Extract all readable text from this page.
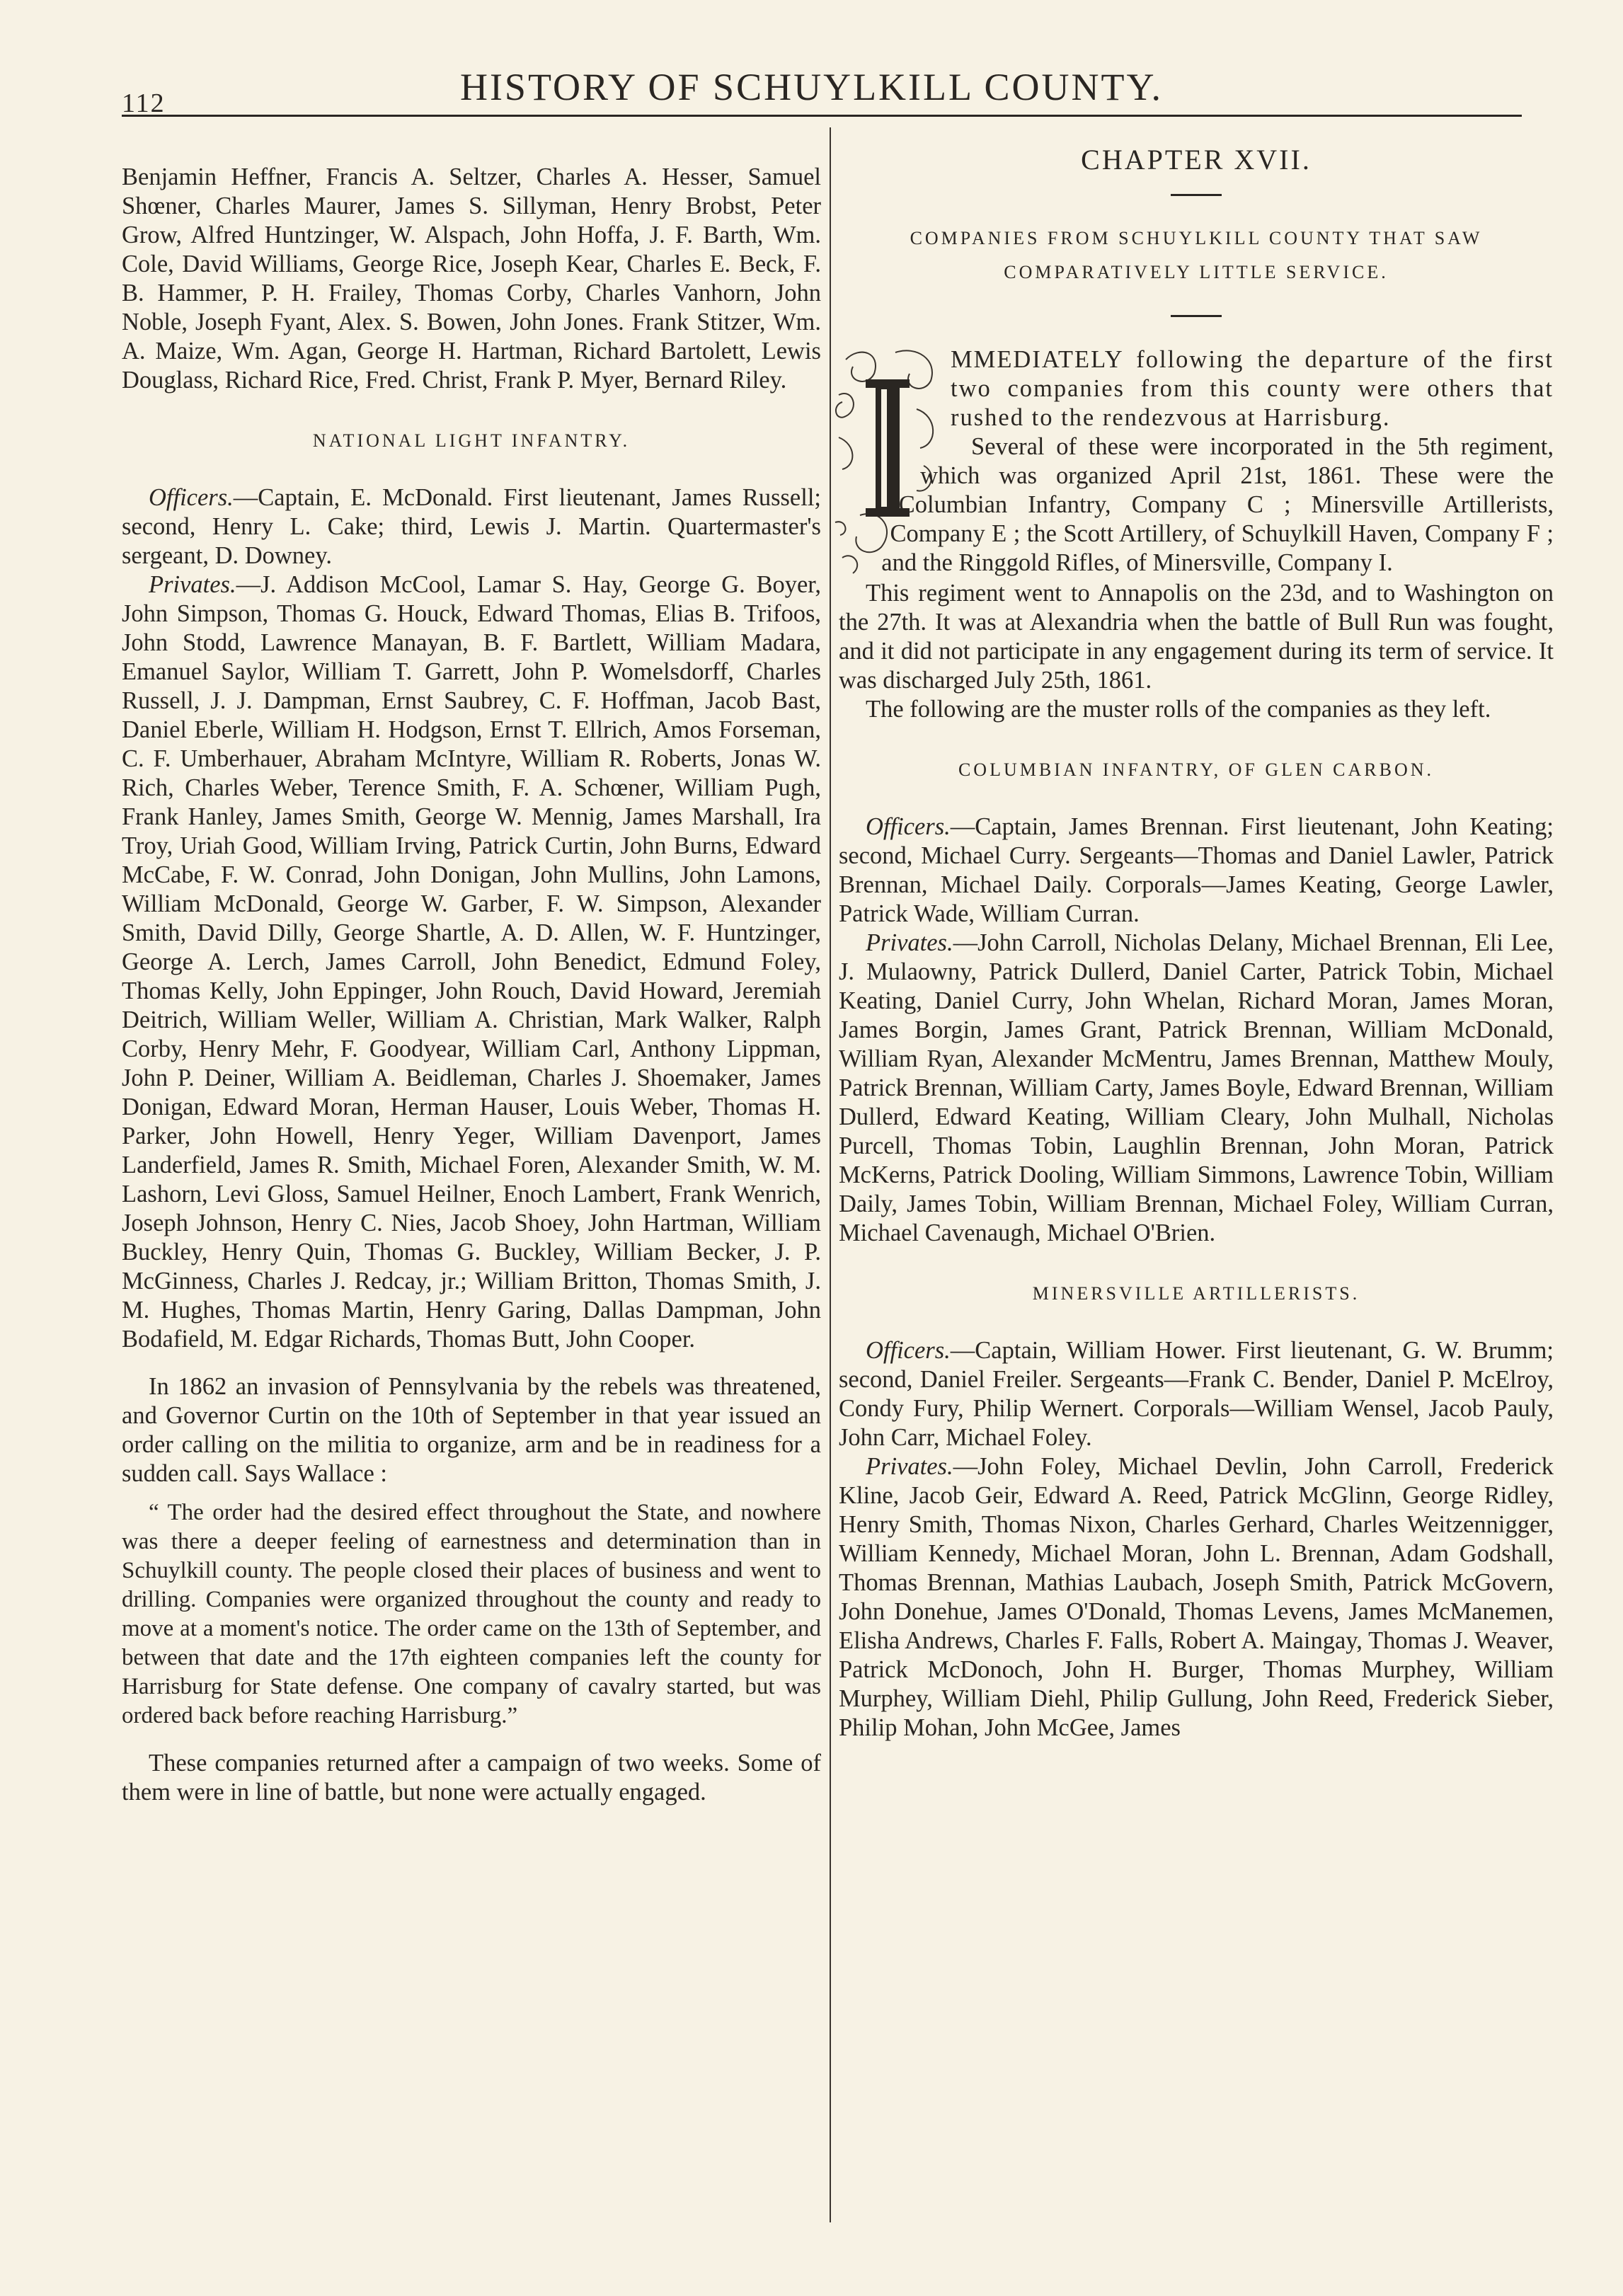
112	HISTORY OF SCHUYLKILL COUNTY.

Benjamin Heffner, Francis A. Seltzer, Charles A. Hesser, Samuel Shœner, Charles Maurer, James S. Sillyman, Henry Brobst, Peter Grow, Alfred Huntzinger, W. Alspach, John Hoffa, J. F. Barth, Wm. Cole, David Williams, George Rice, Joseph Kear, Charles E. Beck, F. B. Hammer, P. H. Frailey, Thomas Corby, Charles Vanhorn, John Noble, Joseph Fyant, Alex. S. Bowen, John Jones. Frank Stitzer, Wm. A. Maize, Wm. Agan, George H. Hartman, Richard Bartolett, Lewis Douglass, Richard Rice, Fred. Christ, Frank P. Myer, Bernard Riley.

NATIONAL LIGHT INFANTRY.

Officers.—Captain, E. McDonald. First lieutenant, James Russell; second, Henry L. Cake; third, Lewis J. Martin. Quartermaster's sergeant, D. Downey.

Privates.—J. Addison McCool, Lamar S. Hay, George G. Boyer, John Simpson, Thomas G. Houck, Edward Thomas, Elias B. Trifoos, John Stodd, Lawrence Manayan, B. F. Bartlett, William Madara, Emanuel Saylor, William T. Garrett, John P. Womelsdorff, Charles Russell, J. J. Dampman, Ernst Saubrey, C. F. Hoffman, Jacob Bast, Daniel Eberle, William H. Hodgson, Ernst T. Ellrich, Amos Forseman, C. F. Umberhauer, Abraham McIntyre, William R. Roberts, Jonas W. Rich, Charles Weber, Terence Smith, F. A. Schœner, William Pugh, Frank Hanley, James Smith, George W. Mennig, James Marshall, Ira Troy, Uriah Good, William Irving, Patrick Curtin, John Burns, Edward McCabe, F. W. Conrad, John Donigan, John Mullins, John Lamons, William McDonald, George W. Garber, F. W. Simpson, Alexander Smith, David Dilly, George Shartle, A. D. Allen, W. F. Huntzinger, George A. Lerch, James Carroll, John Benedict, Edmund Foley, Thomas Kelly, John Eppinger, John Rouch, David Howard, Jeremiah Deitrich, William Weller, William A. Christian, Mark Walker, Ralph Corby, Henry Mehr, F. Goodyear, William Carl, Anthony Lippman, John P. Deiner, William A. Beidleman, Charles J. Shoemaker, James Donigan, Edward Moran, Herman Hauser, Louis Weber, Thomas H. Parker, John Howell, Henry Yeger, William Davenport, James Landerfield, James R. Smith, Michael Foren, Alexander Smith, W. M. Lashorn, Levi Gloss, Samuel Heilner, Enoch Lambert, Frank Wenrich, Joseph Johnson, Henry C. Nies, Jacob Shoey, John Hartman, William Buckley, Henry Quin, Thomas G. Buckley, William Becker, J. P. McGinness, Charles J. Redcay, jr.; William Britton, Thomas Smith, J. M. Hughes, Thomas Martin, Henry Garing, Dallas Dampman, John Bodafield, M. Edgar Richards, Thomas Butt, John Cooper.

In 1862 an invasion of Pennsylvania by the rebels was threatened, and Governor Curtin on the 10th of September in that year issued an order calling on the militia to organize, arm and be in readiness for a sudden call. Says Wallace :

“ The order had the desired effect throughout the State, and nowhere was there a deeper feeling of earnestness and determination than in Schuylkill county. The people closed their places of business and went to drilling. Companies were organized throughout the county and ready to move at a moment's notice. The order came on the 13th of September, and between that date and the 17th eighteen companies left the county for Harrisburg for State defense. One company of cavalry started, but was ordered back before reaching Harrisburg.”

These companies returned after a campaign of two weeks. Some of them were in line of battle, but none were actually engaged.

CHAPTER XVII.

COMPANIES FROM SCHUYLKILL COUNTY THAT SAW COMPARATIVELY LITTLE SERVICE.

MMEDIATELY following the departure of the first two companies from this county were others that rushed to the rendezvous at Harrisburg.

Several of these were incorporated in the 5th regiment, which was organized April 21st, 1861. These were the Columbian Infantry, Company C ; Minersville Artillerists, Company E ; the Scott Artillery, of Schuylkill Haven, Company F ; and the Ringgold Rifles, of Minersville, Company I.

This regiment went to Annapolis on the 23d, and to Washington on the 27th. It was at Alexandria when the battle of Bull Run was fought, and it did not participate in any engagement during its term of service. It was discharged July 25th, 1861.

The following are the muster rolls of the companies as they left.

COLUMBIAN INFANTRY, OF GLEN CARBON.

Officers.—Captain, James Brennan. First lieutenant, John Keating; second, Michael Curry. Sergeants—Thomas and Daniel Lawler, Patrick Brennan, Michael Daily. Corporals—James Keating, George Lawler, Patrick Wade, William Curran.

Privates.—John Carroll, Nicholas Delany, Michael Brennan, Eli Lee, J. Mulaowny, Patrick Dullerd, Daniel Carter, Patrick Tobin, Michael Keating, Daniel Curry, John Whelan, Richard Moran, James Moran, James Borgin, James Grant, Patrick Brennan, William McDonald, William Ryan, Alexander McMentru, James Brennan, Matthew Mouly, Patrick Brennan, William Carty, James Boyle, Edward Brennan, William Dullerd, Edward Keating, William Cleary, John Mulhall, Nicholas Purcell, Thomas Tobin, Laughlin Brennan, John Moran, Patrick McKerns, Patrick Dooling, William Simmons, Lawrence Tobin, William Daily, James Tobin, William Brennan, Michael Foley, William Curran, Michael Cavenaugh, Michael O'Brien.

MINERSVILLE ARTILLERISTS.

Officers.—Captain, William Hower. First lieutenant, G. W. Brumm; second, Daniel Freiler. Sergeants—Frank C. Bender, Daniel P. McElroy, Condy Fury, Philip Wernert. Corporals—William Wensel, Jacob Pauly, John Carr, Michael Foley.

Privates.—John Foley, Michael Devlin, John Carroll, Frederick Kline, Jacob Geir, Edward A. Reed, Patrick McGlinn, George Ridley, Henry Smith, Thomas Nixon, Charles Gerhard, Charles Weitzennigger, William Kennedy, Michael Moran, John L. Brennan, Adam Godshall, Thomas Brennan, Mathias Laubach, Joseph Smith, Patrick McGovern, John Donehue, James O'Donald, Thomas Levens, James McManemen, Elisha Andrews, Charles F. Falls, Robert A. Maingay, Thomas J. Weaver, Patrick McDonoch, John H. Burger, Thomas Murphey, William Murphey, William Diehl, Philip Gullung, John Reed, Frederick Sieber, Philip Mohan, John McGee, James
